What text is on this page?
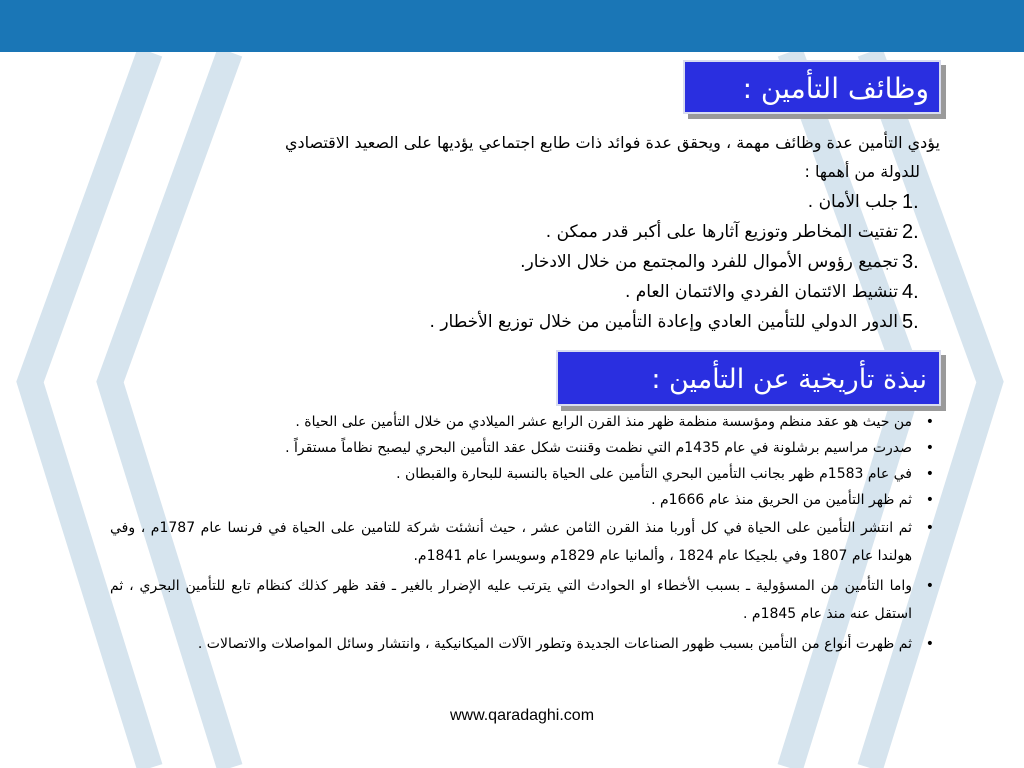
وظائف التأمين :
يؤدي التأمين عدة وظائف مهمة ، ويحقق عدة فوائد ذات طابع اجتماعي يؤديها على الصعيد الاقتصادي
للدولة من أهمها :
1.
جلب الأمان .
2.
تفتيت المخاطر وتوزيع آثارها على أكبر قدر ممكن .
3.
تجميع رؤوس الأموال للفرد والمجتمع من خلال الادخار.
4.
تنشيط الائتمان الفردي والائتمان العام .
5.
الدور الدولي للتأمين العادي وإعادة التأمين من خلال توزيع الأخطار .
نبذة تأريخية عن التأمين :
•
من حيث هو عقد منظم ومؤسسة منظمة ظهر منذ القرن الرابع عشر الميلادي من خلال التأمين على الحياة .
•
صدرت مراسيم برشلونة في عام 1435م التي نظمت وقننت شكل عقد التأمين البحري ليصبح نظاماً مستقراً .
•
في عام 1583م ظهر بجانب التأمين البحري التأمين على الحياة بالنسبة للبحارة والقبطان .
•
ثم ظهر التأمين من الحريق منذ عام 1666م .
•
ثم انتشر التأمين على الحياة في كل أوربا منذ القرن الثامن عشر ، حيث أنشئت شركة للتامين على الحياة في فرنسا عام 1787م ، وفي هولندا عام 1807 وفي بلجيكا عام 1824 ، وألمانيا عام 1829م وسويسرا عام 1841م.
•
واما التأمين من المسؤولية ـ بسبب الأخطاء او الحوادث التي يترتب عليه الإضرار بالغير ـ فقد ظهر كذلك كنظام تابع للتأمين البحري ، ثم استقل عنه منذ عام 1845م .
•
ثم ظهرت أنواع من التأمين بسبب ظهور الصناعات الجديدة وتطور الآلات الميكانيكية ، وانتشار وسائل المواصلات والاتصالات .
www.qaradaghi.com
